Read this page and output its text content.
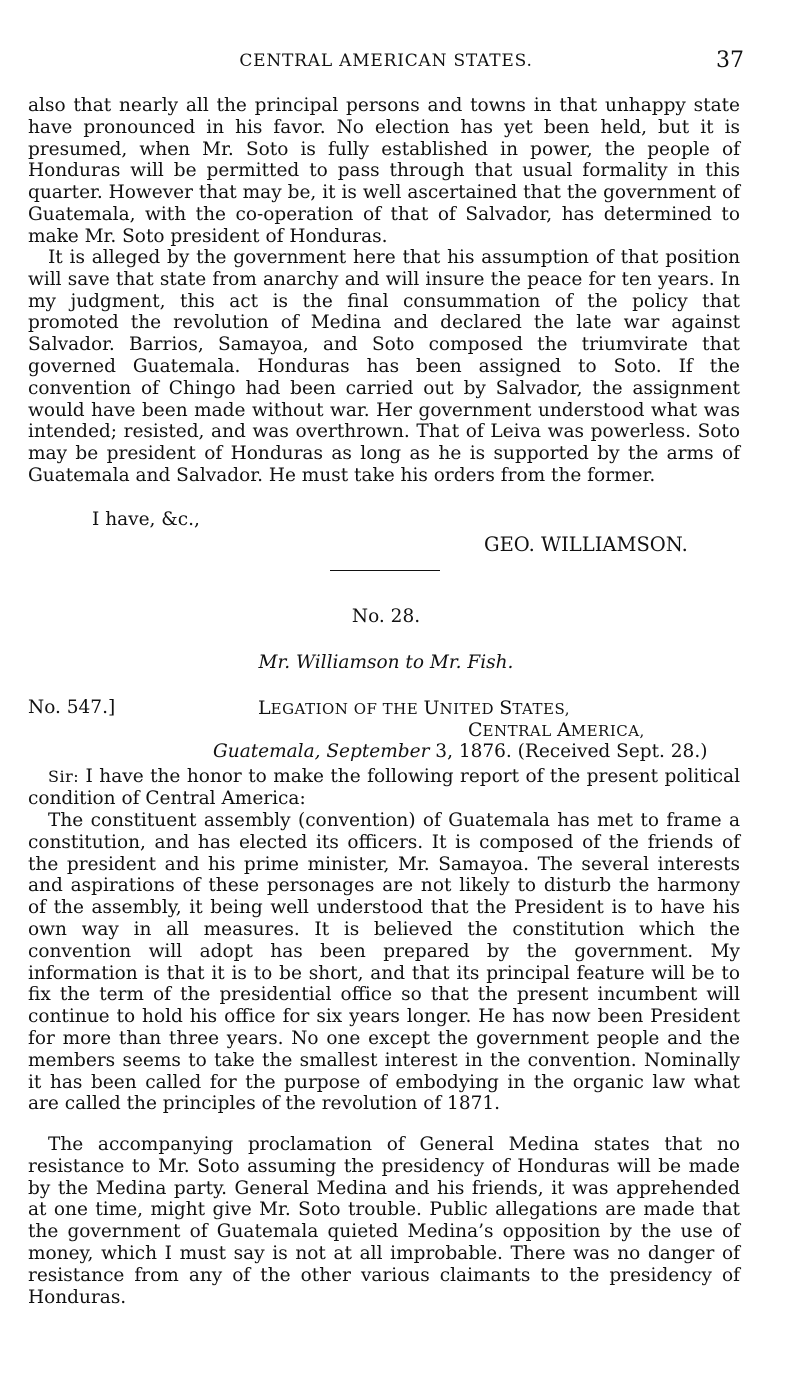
CENTRAL AMERICAN STATES.	37

also that nearly all the principal persons and towns in that unhappy state have pronounced in his favor. No election has yet been held, but it is presumed, when Mr. Soto is fully established in power, the people of Honduras will be permitted to pass through that usual formality in this quarter. However that may be, it is well ascertained that the government of Guatemala, with the co-operation of that of Salvador, has determined to make Mr. Soto president of Honduras.

It is alleged by the government here that his assumption of that position will save that state from anarchy and will insure the peace for ten years. In my judgment, this act is the final consummation of the policy that promoted the revolution of Medina and declared the late war against Salvador. Barrios, Samayoa, and Soto composed the triumvirate that governed Guatemala. Honduras has been assigned to Soto. If the convention of Chingo had been carried out by Salvador, the assignment would have been made without war. Her government understood what was intended; resisted, and was overthrown. That of Leiva was powerless. Soto may be president of Honduras as long as he is supported by the arms of Guatemala and Salvador. He must take his orders from the former.

I have, &c.,
GEO. WILLIAMSON.
No. 28.
Mr. Williamson to Mr. Fish.
No. 547.]	LEGATION OF THE UNITED STATES,
CENTRAL AMERICA,
Guatemala, September 3, 1876. (Received Sept. 28.)

Sir: I have the honor to make the following report of the present political condition of Central America:

The constituent assembly (convention) of Guatemala has met to frame a constitution, and has elected its officers. It is composed of the friends of the president and his prime minister, Mr. Samayoa. The several interests and aspirations of these personages are not likely to disturb the harmony of the assembly, it being well understood that the President is to have his own way in all measures. It is believed the constitution which the convention will adopt has been prepared by the government. My information is that it is to be short, and that its principal feature will be to fix the term of the presidential office so that the present incumbent will continue to hold his office for six years longer. He has now been President for more than three years. No one except the government people and the members seems to take the smallest interest in the convention. Nominally it has been called for the purpose of embodying in the organic law what are called the principles of the revolution of 1871.

The accompanying proclamation of General Medina states that no resistance to Mr. Soto assuming the presidency of Honduras will be made by the Medina party. General Medina and his friends, it was apprehended at one time, might give Mr. Soto trouble. Public allegations are made that the government of Guatemala quieted Medina’s opposition by the use of money, which I must say is not at all improbable. There was no danger of resistance from any of the other various claimants to the presidency of Honduras.
